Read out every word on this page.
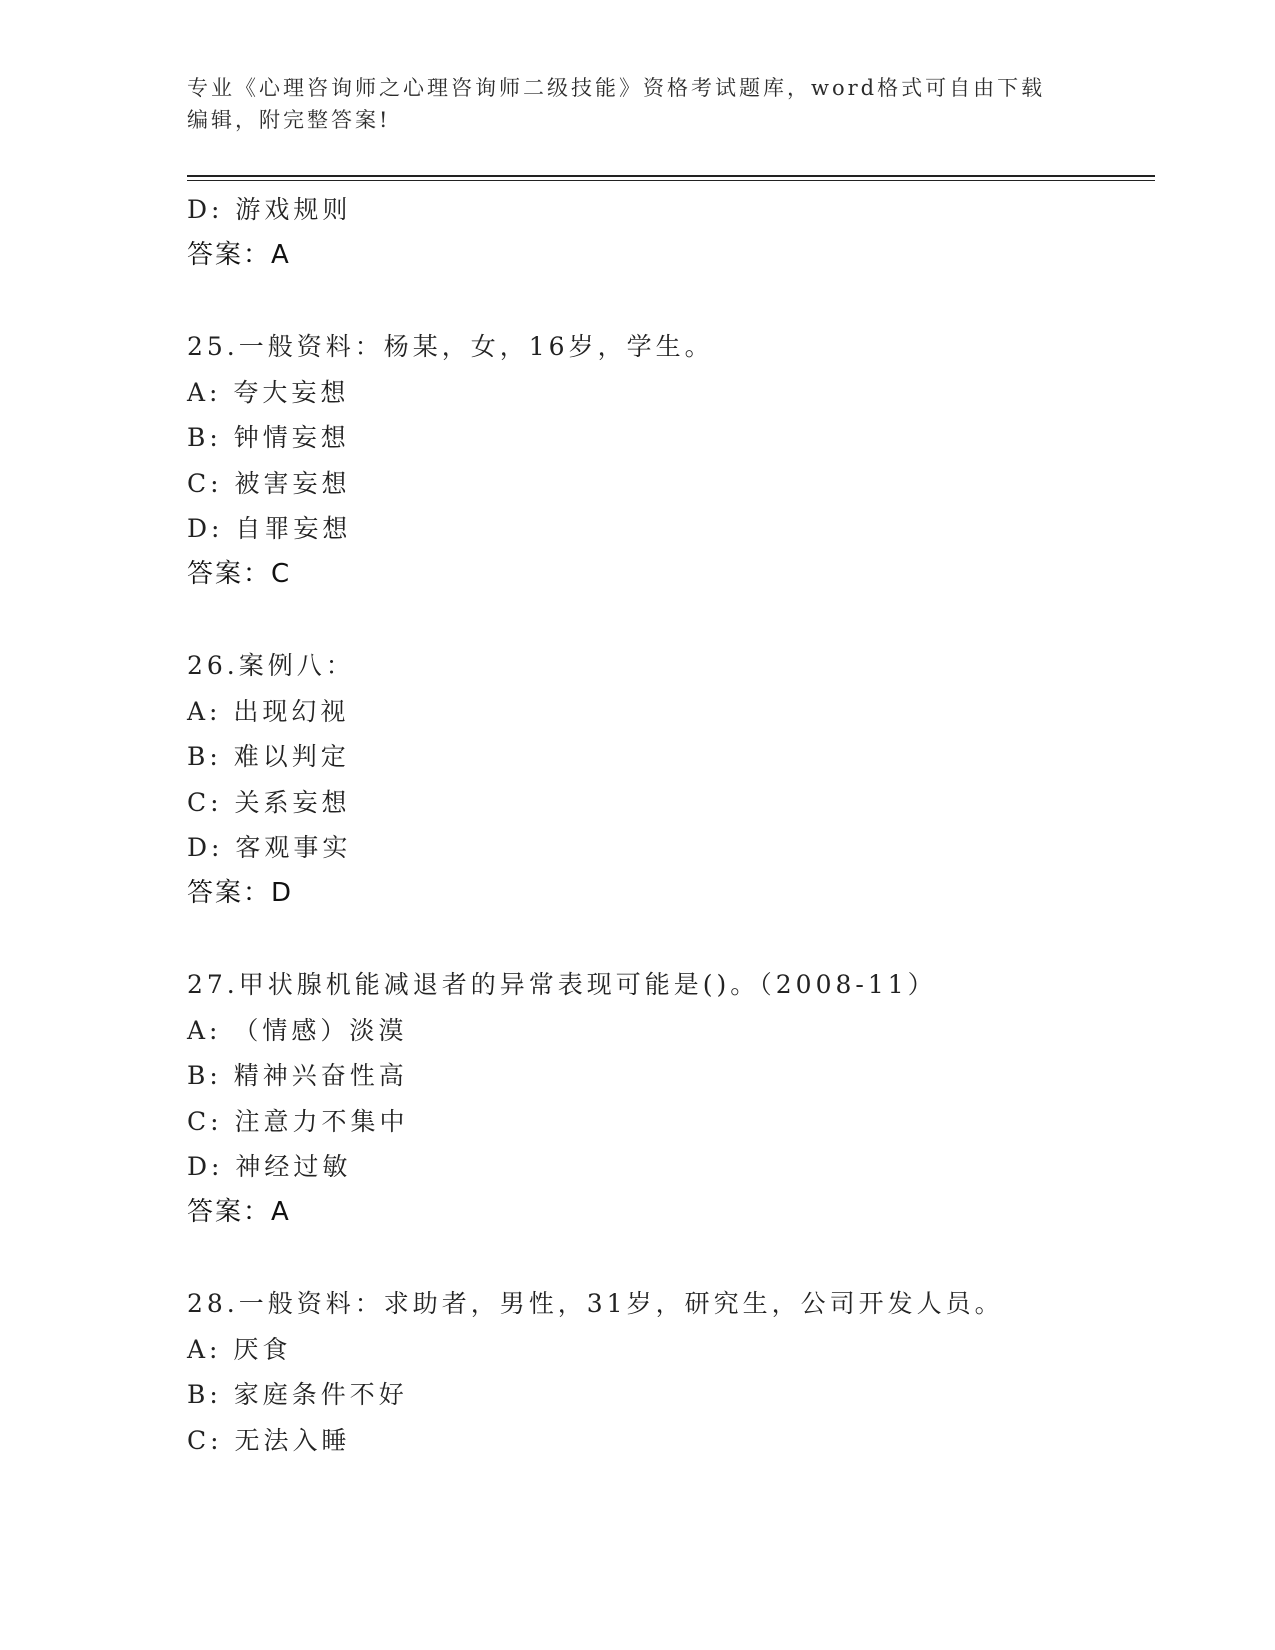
专业《心理咨询师之心理咨询师二级技能》资格考试题库，word格式可自由下载
编辑，附完整答案!
D: 游戏规则
答案：A
25.一般资料：杨某，女，16岁，学生。
A: 夸大妄想
B: 钟情妄想
C: 被害妄想
D: 自罪妄想
答案：C
26.案例八：
A: 出现幻视
B: 难以判定
C: 关系妄想
D: 客观事实
答案：D
27.甲状腺机能减退者的异常表现可能是()。（2008-11）
A: （情感）淡漠
B: 精神兴奋性高
C: 注意力不集中
D: 神经过敏
答案：A
28.一般资料：求助者，男性，31岁，研究生，公司开发人员。
A: 厌食
B: 家庭条件不好
C: 无法入睡
